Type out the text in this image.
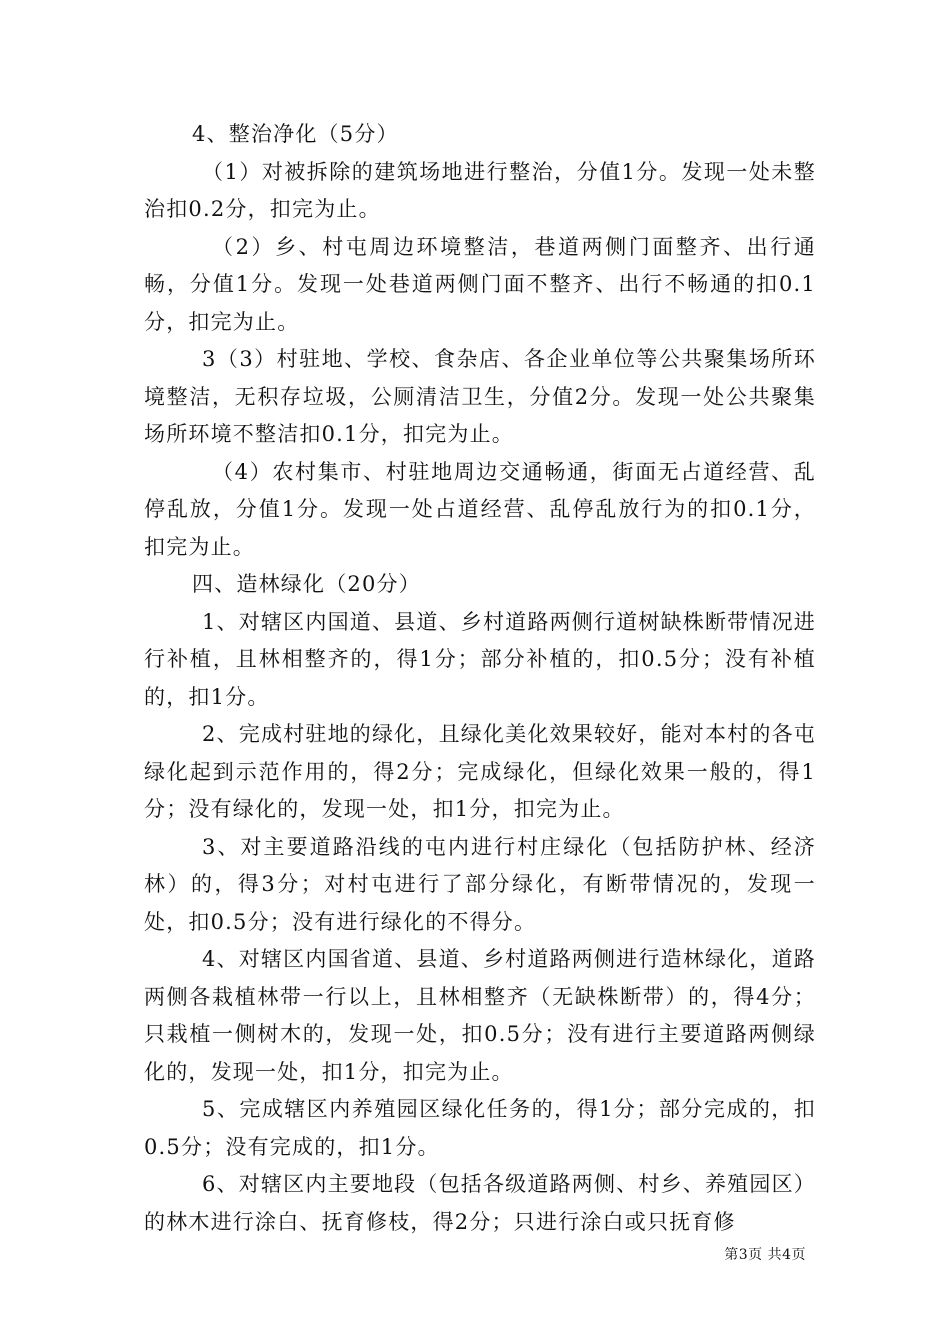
4、整治净化（5分）

（1）对被拆除的建筑场地进行整治，分值1分。发现一处未整治扣0.2分，扣完为止。

（2）乡、村屯周边环境整洁，巷道两侧门面整齐、出行通畅，分值1分。发现一处巷道两侧门面不整齐、出行不畅通的扣0.1分，扣完为止。

3（3）村驻地、学校、食杂店、各企业单位等公共聚集场所环境整洁，无积存垃圾，公厕清洁卫生，分值2分。发现一处公共聚集场所环境不整洁扣0.1分，扣完为止。

（4）农村集市、村驻地周边交通畅通，街面无占道经营、乱停乱放，分值1分。发现一处占道经营、乱停乱放行为的扣0.1分，扣完为止。

四、造林绿化（20分）

1、对辖区内国道、县道、乡村道路两侧行道树缺株断带情况进行补植，且林相整齐的，得1分；部分补植的，扣0.5分；没有补植的，扣1分。

2、完成村驻地的绿化，且绿化美化效果较好，能对本村的各屯绿化起到示范作用的，得2分；完成绿化，但绿化效果一般的，得1分；没有绿化的，发现一处，扣1分，扣完为止。

3、对主要道路沿线的屯内进行村庄绿化（包括防护林、经济林）的，得3分；对村屯进行了部分绿化，有断带情况的，发现一处，扣0.5分；没有进行绿化的不得分。

4、对辖区内国省道、县道、乡村道路两侧进行造林绿化，道路两侧各栽植林带一行以上，且林相整齐（无缺株断带）的，得4分；只栽植一侧树木的，发现一处，扣0.5分；没有进行主要道路两侧绿化的，发现一处，扣1分，扣完为止。

5、完成辖区内养殖园区绿化任务的，得1分；部分完成的，扣0.5分；没有完成的，扣1分。

6、对辖区内主要地段（包括各级道路两侧、村乡、养殖园区）的林木进行涂白、抚育修枝，得2分；只进行涂白或只抚育修

第3页 共4页
